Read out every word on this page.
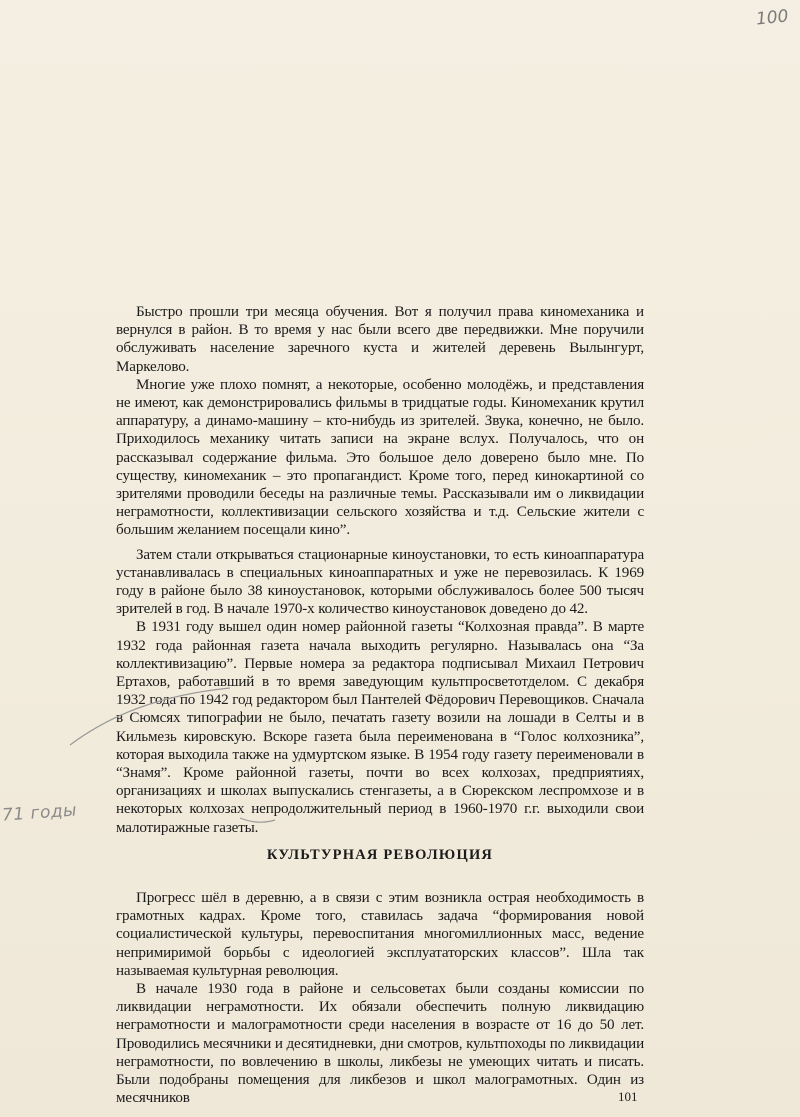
100

Быстро прошли три месяца обучения. Вот я получил права киномеханика и вернулся в район. В то время у нас были всего две передвижки. Мне поручили обслуживать население заречного куста и жителей деревень Вылынгурт, Маркелово.

Многие уже плохо помнят, а некоторые, особенно молодёжь, и представления не имеют, как демонстрировались фильмы в тридцатые годы. Киномеханик крутил аппаратуру, а динамо-машину – кто-нибудь из зрителей. Звука, конечно, не было. Приходилось механику читать записи на экране вслух. Получалось, что он рассказывал содержание фильма. Это большое дело доверено было мне. По существу, киномеханик – это пропагандист. Кроме того, перед кинокартиной со зрителями проводили беседы на различные темы. Рассказывали им о ликвидации неграмотности, коллективизации сельского хозяйства и т.д. Сельские жители с большим желанием посещали кино”.

Затем стали открываться стационарные киноустановки, то есть киноаппаратура устанавливалась в специальных киноаппаратных и уже не перевозилась. К 1969 году в районе было 38 киноустановок, которыми обслуживалось более 500 тысяч зрителей в год. В начале 1970-х количество киноустановок доведено до 42.

В 1931 году вышел один номер районной газеты “Колхозная правда”. В марте 1932 года районная газета начала выходить регулярно. Называлась она “За коллективизацию”. Первые номера за редактора подписывал Михаил Петрович Ертахов, работавший в то время заведующим культпросветотделом. С декабря 1932 года по 1942 год редактором был Пантелей Фёдорович Перевощиков. Сначала в Сюмсях типографии не было, печатать газету возили на лошади в Селты и в Кильмезь кировскую. Вскоре газета была переименована в “Голос колхозника”, которая выходила также на удмуртском языке. В 1954 году газету переименовали в “Знамя”. Кроме районной газеты, почти во всех колхозах, предприятиях, организациях и школах выпускались стенгазеты, а в Сюрекском леспромхозе и в некоторых колхозах непродолжительный период в 1960-1970 г.г. выходили свои малотиражные газеты.

КУЛЬТУРНАЯ РЕВОЛЮЦИЯ

Прогресс шёл в деревню, а в связи с этим возникла острая необходимость в грамотных кадрах. Кроме того, ставилась задача “формирования новой социалистической культуры, перевоспитания многомиллионных масс, ведение непримиримой борьбы с идеологией эксплуататорских классов”. Шла так называемая культурная революция.

В начале 1930 года в районе и сельсоветах были созданы комиссии по ликвидации неграмотности. Их обязали обеспечить полную ликвидацию неграмотности и малограмотности среди населения в возрасте от 16 до 50 лет. Проводились месячники и десятидневки, дни смотров, культпоходы по ликвидации неграмотности, по вовлечению в школы, ликбезы не умеющих читать и писать. Были подобраны помещения для ликбезов и школ малограмотных. Один из месячников

71 годы
101
